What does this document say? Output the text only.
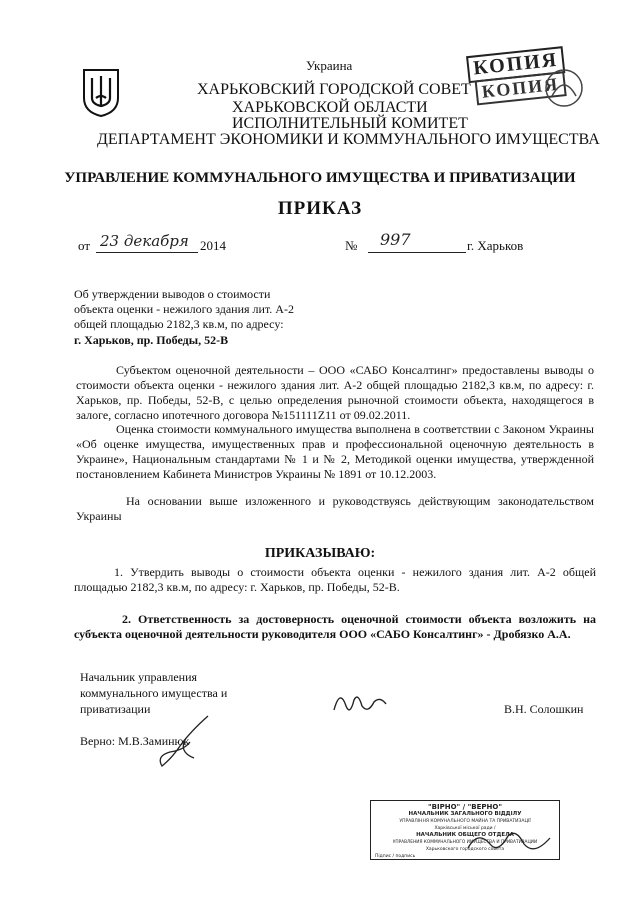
КОПИЯ КОПИЯ
Украина
ХАРЬКОВСКИЙ ГОРОДСКОЙ СОВЕТ
ХАРЬКОВСКОЙ ОБЛАСТИ
ИСПОЛНИТЕЛЬНЫЙ КОМИТЕТ
ДЕПАРТАМЕНТ ЭКОНОМИКИ И КОММУНАЛЬНОГО ИМУЩЕСТВА
УПРАВЛЕНИЕ КОММУНАЛЬНОГО ИМУЩЕСТВА И ПРИВАТИЗАЦИИ
ПРИКАЗ
от 23 декабря 2014	№ 997	г. Харьков
Об утверждении выводов о стоимости
объекта оценки - нежилого здания лит. А-2
общей площадью 2182,3 кв.м, по адресу:
г. Харьков, пр. Победы, 52-В
Субъектом оценочной деятельности – ООО «САБО Консалтинг» предоставлены выводы о стоимости объекта оценки - нежилого здания лит. А-2 общей площадью 2182,3 кв.м, по адресу: г. Харьков, пр. Победы, 52-В, с целью определения рыночной стоимости объекта, находящегося в залоге, согласно ипотечного договора №151111Z11 от 09.02.2011.
Оценка стоимости коммунального имущества выполнена в соответствии с Законом Украины «Об оценке имущества, имущественных прав и профессиональной оценочную деятельность в Украине», Национальным стандартами № 1 и № 2, Методикой оценки имущества, утвержденной постановлением Кабинета Министров Украины № 1891 от 10.12.2003.
На основании выше изложенного и руководствуясь действующим законодательством Украины
ПРИКАЗЫВАЮ:
1. Утвердить выводы о стоимости объекта оценки - нежилого здания лит. А-2 общей площадью 2182,3 кв.м, по адресу: г. Харьков, пр. Победы, 52-В.
2. Ответственность за достоверность оценочной стоимости объекта возложить на субъекта оценочной деятельности руководителя ООО «САБО Консалтинг» - Дробязко А.А.
Начальник управления
коммунального имущества и
приватизации	В.Н. Солошкин
Верно: М.В.Заминюк
"ВІРНО" / "ВЕРНО"
НАЧАЛЬНИК ЗАГАЛЬНОГО ВІДДІЛУ
УПРАВЛІННЯ КОМУНАЛЬНОГО МАЙНА ТА ПРИВАТИЗАЦІЇ
Харківської міської ради /
НАЧАЛЬНИК ОБЩЕГО ОТДЕЛА
УПРАВЛЕНИЯ КОММУНАЛЬНОГО ИМУЩЕСТВА И ПРИВАТИЗАЦИИ
Харьковского городского совета
Підпис / подпись
